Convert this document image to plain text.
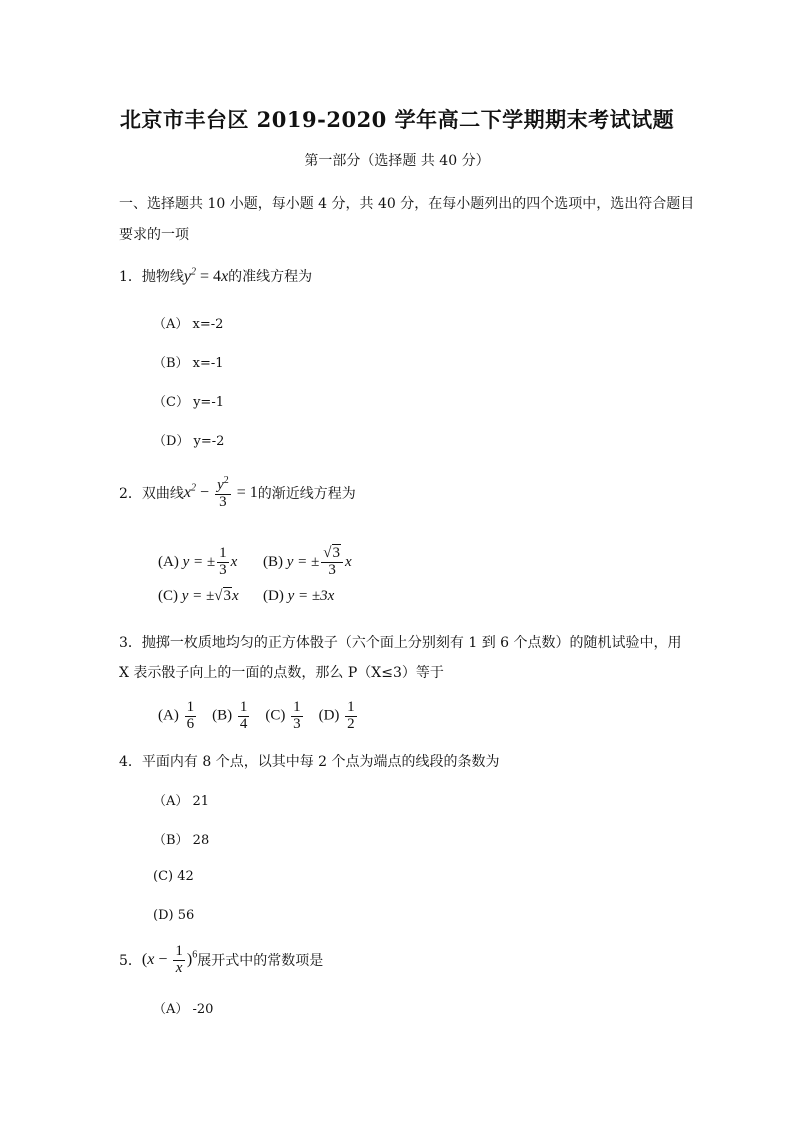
北京市丰台区 2019-2020 学年高二下学期期末考试试题
第一部分（选择题 共 40 分）
一、选择题共 10 小题，每小题 4 分，共 40 分，在每小题列出的四个选项中，选出符合题目
要求的一项
1．抛物线$y^2 = 4x$的准线方程为
（A） x=-2
（B） x=-1
（C） y=-1
（D） y=-2
2．双曲线 $x^2 - \frac{y^2}{3} = 1$ 的渐近线方程为
(A)
y = ± $\frac{1}{3}$ x (B)
y = ± $\frac{√3}{3}$ x
(C) y = ±√3x (D) y = ±3x
3．抛掷一枚质地均匀的正方体骰子（六个面上分别刻有 1 到 6 个点数）的随机试验中，用
X 表示骰子向上的一面的点数，那么 P（X≤3）等于
$(A) \frac{1}{6} (B) \frac{1}{4} (C) \frac{1}{3} (D) \frac{1}{2}$
4．平面内有 8 个点，以其中每 2 个点为端点的线段的条数为
（A） 21
（B） 28
(C) 42
(D) 56
5． $(x - \frac{1}{x} )^6$ 展开式中的常数项是
（A） -20
